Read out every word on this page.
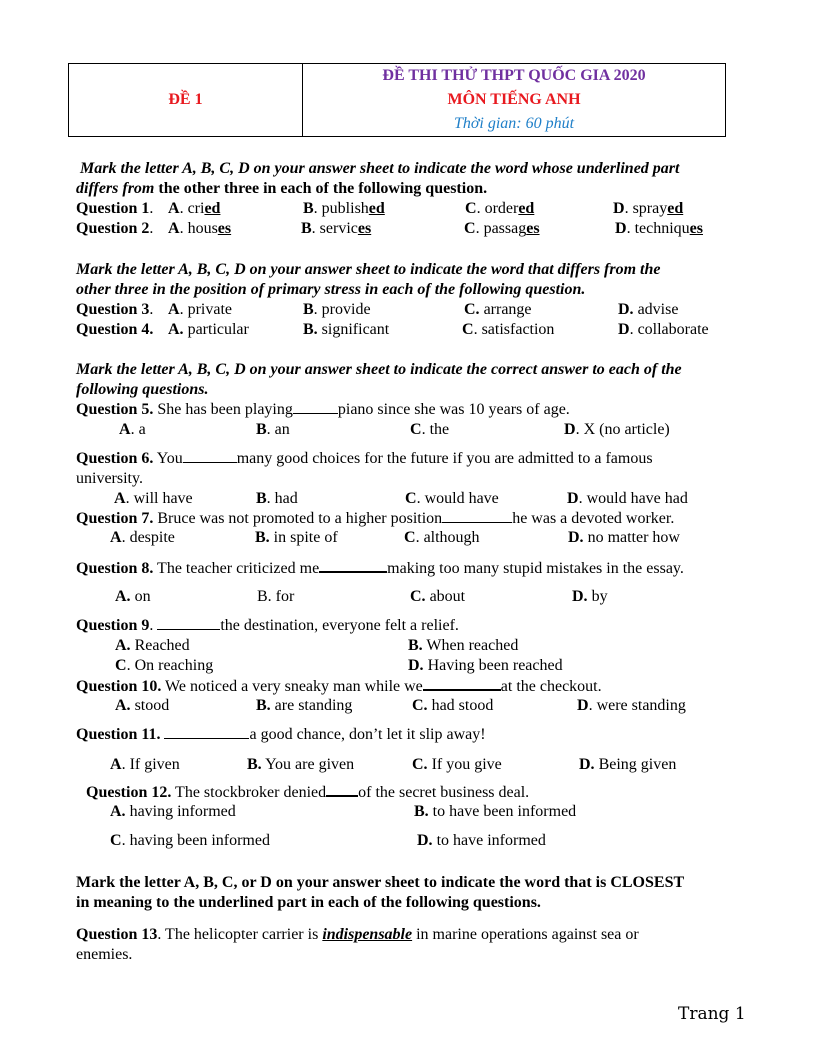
ĐỀ 1	
ĐỀ THI THỬ THPT QUỐC GIA 2020
MÔN TIẾNG ANH
Thời gian: 60 phút
Mark the letter A, B, C, D on your answer sheet to indicate the word whose underlined part
differs from the other three in each of the following question.
Question 1. A. cried	B. published	C. ordered	D. sprayed
Question 2. A. houses	B. services	C. passages	D. techniques
Mark the letter A, B, C, D on your answer sheet to indicate the word that differs from the
other three in the position of primary stress in each of the following question.
Question 3. A. private	B. provide	C. arrange	D. advise
Question 4. A. particular	B. significant	C. satisfaction	D. collaborate
Mark the letter A, B, C, D on your answer sheet to indicate the correct answer to each of the
following questions.
Question 5. She has been playing	piano since she was 10 years of age.
A. a	B. an	C. the	D. X (no article)
Question 6. You	many good choices for the future if you are admitted to a famous
university.
A. will have	B. had	C. would have	D. would have had
Question 7. Bruce was not promoted to a higher position	he was a devoted worker.
A. despite	B. in spite of	C. although	D. no matter how
Question 8. The teacher criticized me	making too many stupid mistakes in the essay.
A. on	B. for	C. about	D. by
Question 9.	the destination, everyone felt a relief.
A. Reached	B. When reached
C. On reaching	D. Having been reached
Question 10. We noticed a very sneaky man while we	at the checkout.
A. stood	B. are standing	C. had stood	D. were standing
Question 11.	a good chance, don’t let it slip away!
A. If given	B. You are given	C. If you give	D. Being given
Question 12. The stockbroker denied of the secret business deal.
A. having informed	B. to have been informed
C. having been informed	D. to have informed
Mark the letter A, B, C, or D on your answer sheet to indicate the word that is CLOSEST
in meaning to the underlined part in each of the following questions.
Question 13. The helicopter carrier is indispensable in marine operations against sea or
enemies.
Trang 1
